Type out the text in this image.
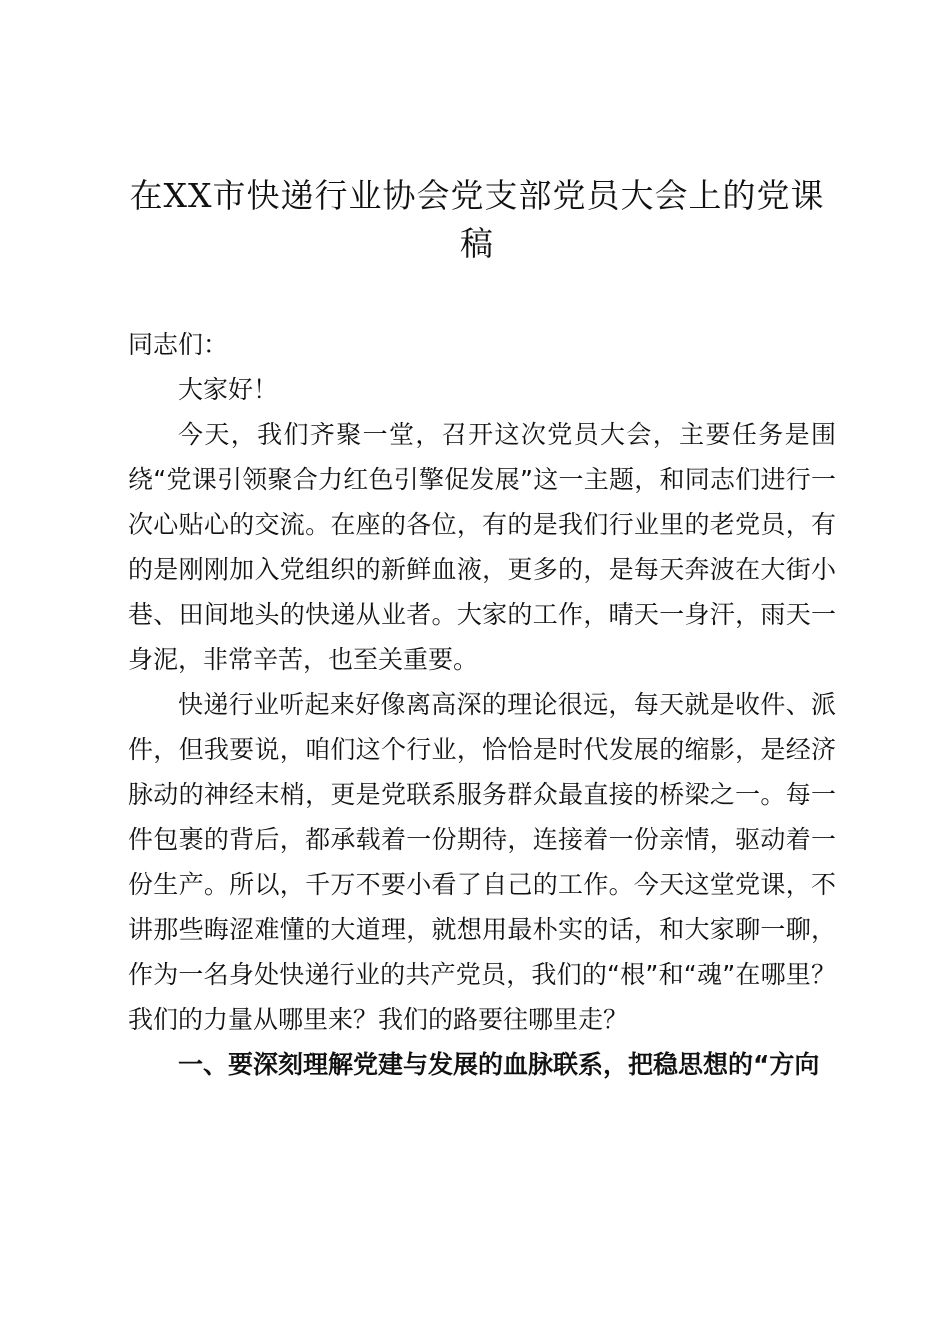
在XX市快递行业协会党支部党员大会上的党课稿

同志们：

大家好！

今天，我们齐聚一堂，召开这次党员大会，主要任务是围绕“党课引领聚合力红色引擎促发展”这一主题，和同志们进行一次心贴心的交流。在座的各位，有的是我们行业里的老党员，有的是刚刚加入党组织的新鲜血液，更多的，是每天奔波在大街小巷、田间地头的快递从业者。大家的工作，晴天一身汗，雨天一身泥，非常辛苦，也至关重要。

快递行业听起来好像离高深的理论很远，每天就是收件、派件，但我要说，咱们这个行业，恰恰是时代发展的缩影，是经济脉动的神经末梢，更是党联系服务群众最直接的桥梁之一。每一件包裹的背后，都承载着一份期待，连接着一份亲情，驱动着一份生产。所以，千万不要小看了自己的工作。今天这堂党课，不讲那些晦涩难懂的大道理，就想用最朴实的话，和大家聊一聊，作为一名身处快递行业的共产党员，我们的“根”和“魂”在哪里？我们的力量从哪里来？我们的路要往哪里走？

一、要深刻理解党建与发展的血脉联系，把稳思想的“方向
